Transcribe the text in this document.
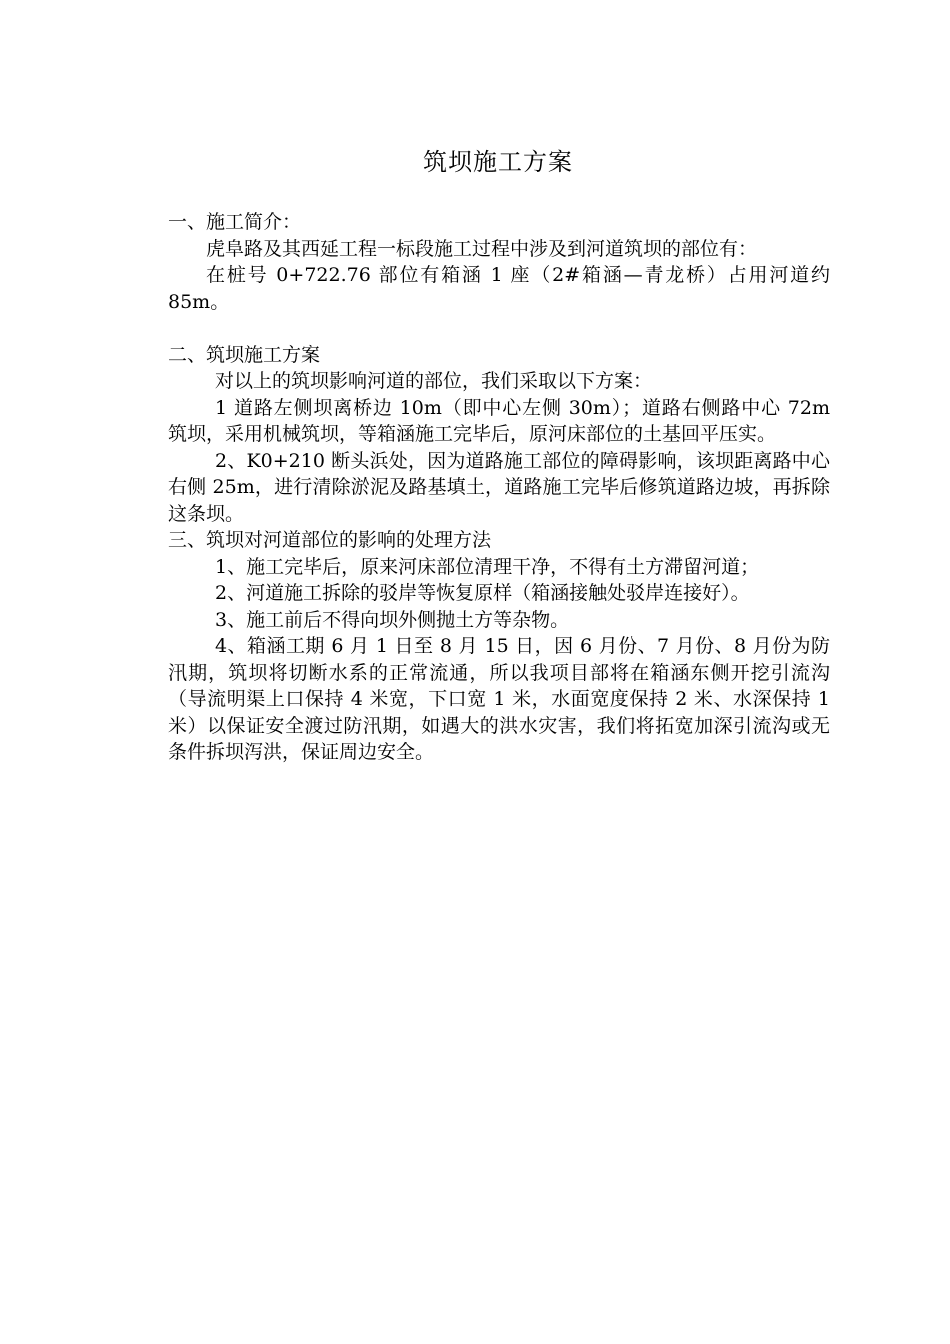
筑坝施工方案

一、施工简介：

虎阜路及其西延工程一标段施工过程中涉及到河道筑坝的部位有：

在桩号 0+722.76 部位有箱涵 1 座（2#箱涵—青龙桥）占用河道约 85m。

二、筑坝施工方案

对以上的筑坝影响河道的部位，我们采取以下方案：

1 道路左侧坝离桥边 10m（即中心左侧 30m）；道路右侧路中心 72m 筑坝，采用机械筑坝，等箱涵施工完毕后，原河床部位的土基回平压实。

2、K0+210 断头浜处，因为道路施工部位的障碍影响，该坝距离路中心右侧 25m，进行清除淤泥及路基填土，道路施工完毕后修筑道路边坡，再拆除这条坝。

三、筑坝对河道部位的影响的处理方法

1、施工完毕后，原来河床部位清理干净，不得有土方滞留河道；

2、河道施工拆除的驳岸等恢复原样（箱涵接触处驳岸连接好）。

3、施工前后不得向坝外侧抛土方等杂物。

4、箱涵工期 6 月 1 日至 8 月 15 日，因 6 月份、7 月份、8 月份为防汛期，筑坝将切断水系的正常流通，所以我项目部将在箱涵东侧开挖引流沟（导流明渠上口保持 4 米宽，下口宽 1 米，水面宽度保持 2 米、水深保持 1 米）以保证安全渡过防汛期，如遇大的洪水灾害，我们将拓宽加深引流沟或无条件拆坝泻洪，保证周边安全。
